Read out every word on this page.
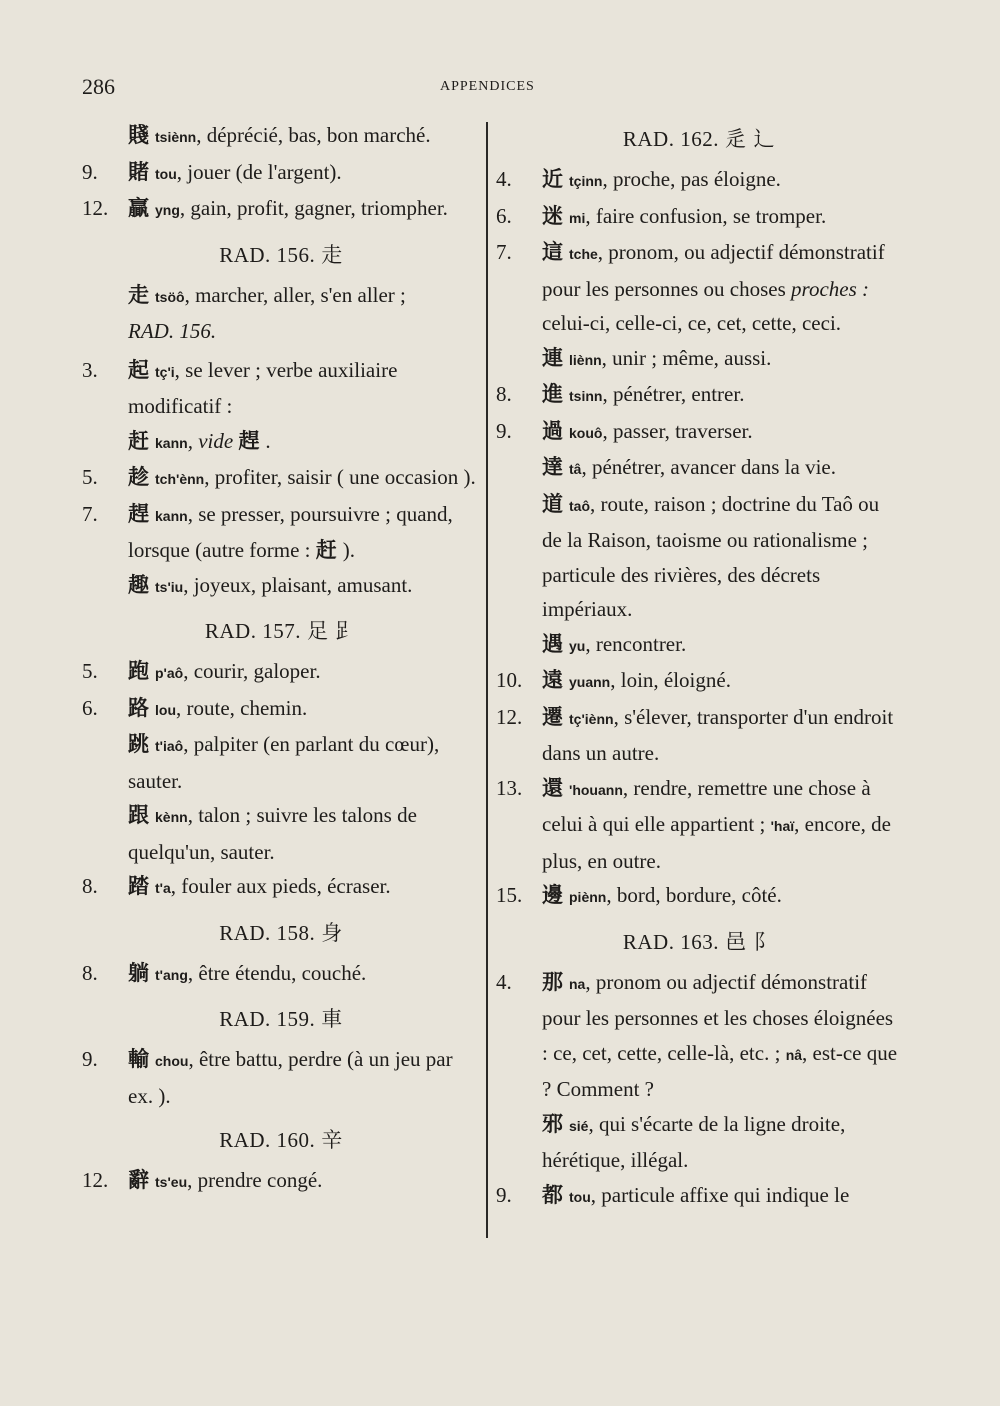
286	APPENDICES
賤tsiènn, déprécié, bas, bon marché.
9. 賭 tou, jouer (de l'argent).
12. 贏 yng, gain, profit, gagner, triompher.
RAD. 156. 走
走tsöô, marcher, aller, s'en aller ;
RAD. 156.
3. 起 tç'i, se lever ; verbe auxiliaire modificatif :
赶kann, vide 趕 .
5. 趁 tch'ènn, profiter, saisir ( une occasion ).
7. 趕 kann, se presser, poursuivre ; quand, lorsque (autre forme : 赶 ).
趣ts'iu, joyeux, plaisant, amusant.
RAD. 157. 足 𧾷
5. 跑 p'aô, courir, galoper.
6. 路 lou, route, chemin.
跳t'iaô, palpiter (en parlant du cœur), sauter.
跟kènn, talon ; suivre les talons de quelqu'un, sauter.
8. 踏 t'a, fouler aux pieds, écraser.
RAD. 158. 身
8. 躺 t'ang, être étendu, couché.
RAD. 159. 車
9. 輸 chou, être battu, perdre (à un jeu par ex. ).
RAD. 160. 辛
12. 辭 ts'eu, prendre congé.
RAD. 162. 辵 ⻌
4. 近 tçinn, proche, pas éloigne.
6. 迷 mi, faire confusion, se tromper.
7. 這 tche, pronom, ou adjectif démonstratif pour les personnes ou choses proches : celui-ci, celle-ci, ce, cet, cette, ceci.
連liènn, unir ; même, aussi.
8. 進 tsinn, pénétrer, entrer.
9. 過 kouô, passer, traverser.
達tâ, pénétrer, avancer dans la vie.
道taô, route, raison ; doctrine du Taô ou de la Raison, taoisme ou rationalisme ; particule des rivières, des décrets impériaux.
遇yu, rencontrer.
10. 遠 yuann, loin, éloigné.
12. 遷 tç'iènn, s'élever, transporter d'un endroit dans un autre.
13. 還 'houann, rendre, remettre une chose à celui à qui elle appartient ; 'haï, encore, de plus, en outre.
15. 邊 piènn, bord, bordure, côté.
RAD. 163. 邑 阝
4. 那 na, pronom ou adjectif démonstratif pour les personnes et les choses éloignées : ce, cet, cette, celle-là, etc. ; nâ, est-ce que ? Comment ?
邪sié, qui s'écarte de la ligne droite, hérétique, illégal.
9. 都 tou, particule affixe qui indique le
